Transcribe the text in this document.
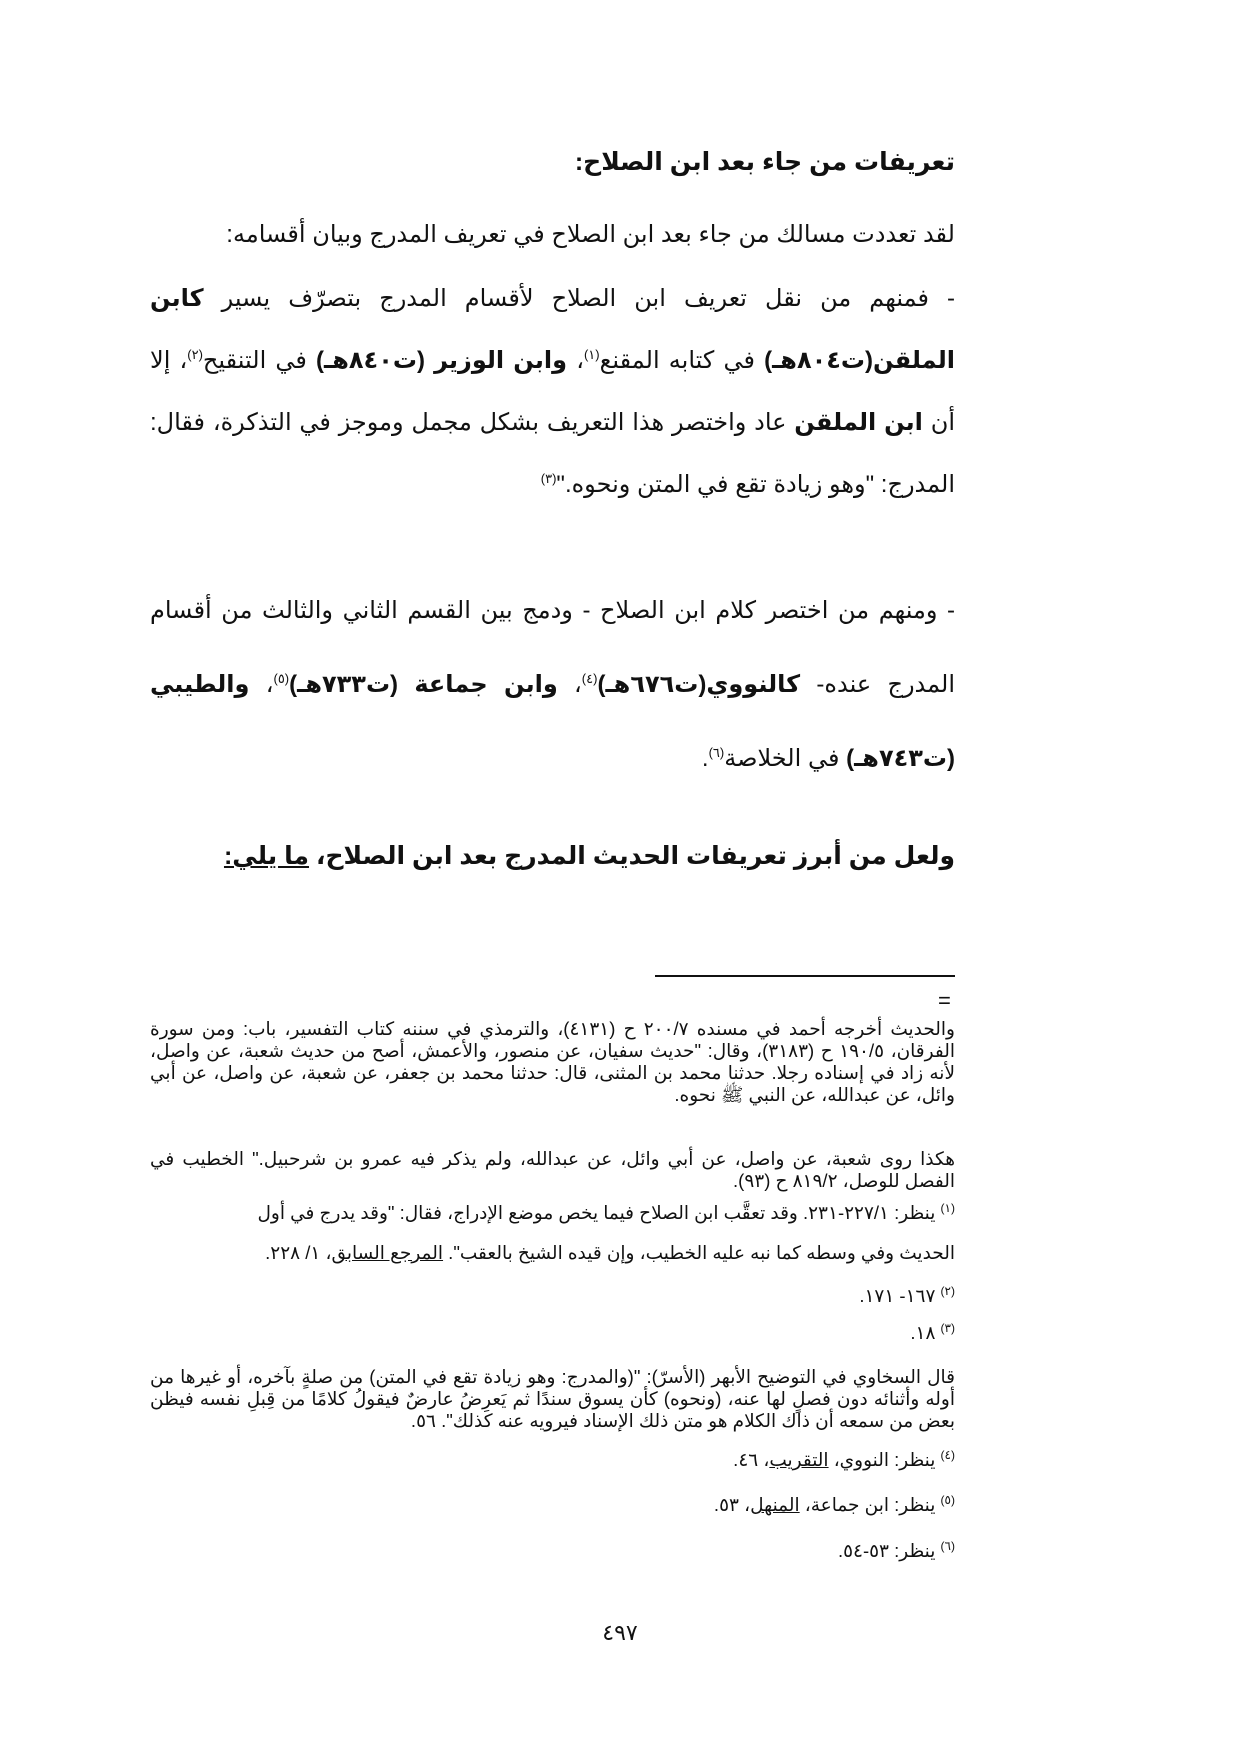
تعريفات من جاء بعد ابن الصلاح:
لقد تعددت مسالك من جاء بعد ابن الصلاح في تعريف المدرج وبيان أقسامه:
- فمنهم من نقل تعريف ابن الصلاح لأقسام المدرج بتصرّف يسير كابن الملقن(ت٨٠٤هـ) في كتابه المقنع$^{(١)}$، وابن الوزير (ت٨٤٠هـ) في التنقيح$^{(٢)}$، إلا أن ابن الملقن عاد واختصر هذا التعريف بشكل مجمل وموجز في التذكرة، فقال: المدرج: "وهو زيادة تقع في المتن ونحوه."$^{(٣)}$
- ومنهم من اختصر كلام ابن الصلاح - ودمج بين القسم الثاني والثالث من أقسام المدرج عنده- كالنووي(ت٦٧٦هـ)$^{(٤)}$، وابن جماعة (ت٧٣٣هـ)$^{(٥)}$، والطيبي (ت٧٤٣هـ) في الخلاصة$^{(٦)}$.
ولعل من أبرز تعريفات الحديث المدرج بعد ابن الصلاح، ما يلي:
=
والحديث أخرجه أحمد في مسنده ٢٠٠/٧ ح (٤١٣١)، والترمذي في سننه كتاب التفسير، باب: ومن سورة الفرقان، ١٩٠/٥ ح (٣١٨٣)، وقال: "حديث سفيان، عن منصور، والأعمش، أصح من حديث شعبة، عن واصل، لأنه زاد في إسناده رجلا. حدثنا محمد بن المثنى، قال: حدثنا محمد بن جعفر، عن شعبة، عن واصل، عن أبي وائل، عن عبدالله، عن النبي ﷺ نحوه.
هكذا روى شعبة، عن واصل، عن أبي وائل، عن عبدالله، ولم يذكر فيه عمرو بن شرحبيل." الخطيب في الفصل للوصل، ٨١٩/٢ ح (٩٣).
$^{(١)}$ ينظر: ٢٢٧/١-٢٣١. وقد تعقَّب ابن الصلاح فيما يخص موضع الإدراج، فقال: "وقد يدرج في أول
الحديث وفي وسطه كما نبه عليه الخطيب، وإن قيده الشيخ بالعقب". المرجع السابق، ١/ ٢٢٨.
$^{(٢)}$ ١٦٧- ١٧١.
$^{(٣)}$ ١٨.
قال السخاوي في التوضيح الأبهر (الأسرّ): "(والمدرج: وهو زيادة تقع في المتن) من صلةٍ بآخره، أو غيرها من أوله وأثنائه دون فصلٍ لها عنه، (ونحوه) كأن يسوق سندًا ثم يَعرِضُ عارضٌ فيقولُ كلامًا من قِبلِ نفسه فيظن بعض من سمعه أن ذاك الكلام هو متن ذلك الإسناد فيرويه عنه كذلك". ٥٦.
$^{(٤)}$ ينظر: النووي، التقريب، ٤٦.
$^{(٥)}$ ينظر: ابن جماعة، المنهل، ٥٣.
$^{(٦)}$ ينظر: ٥٣-٥٤.
٤٩٧
